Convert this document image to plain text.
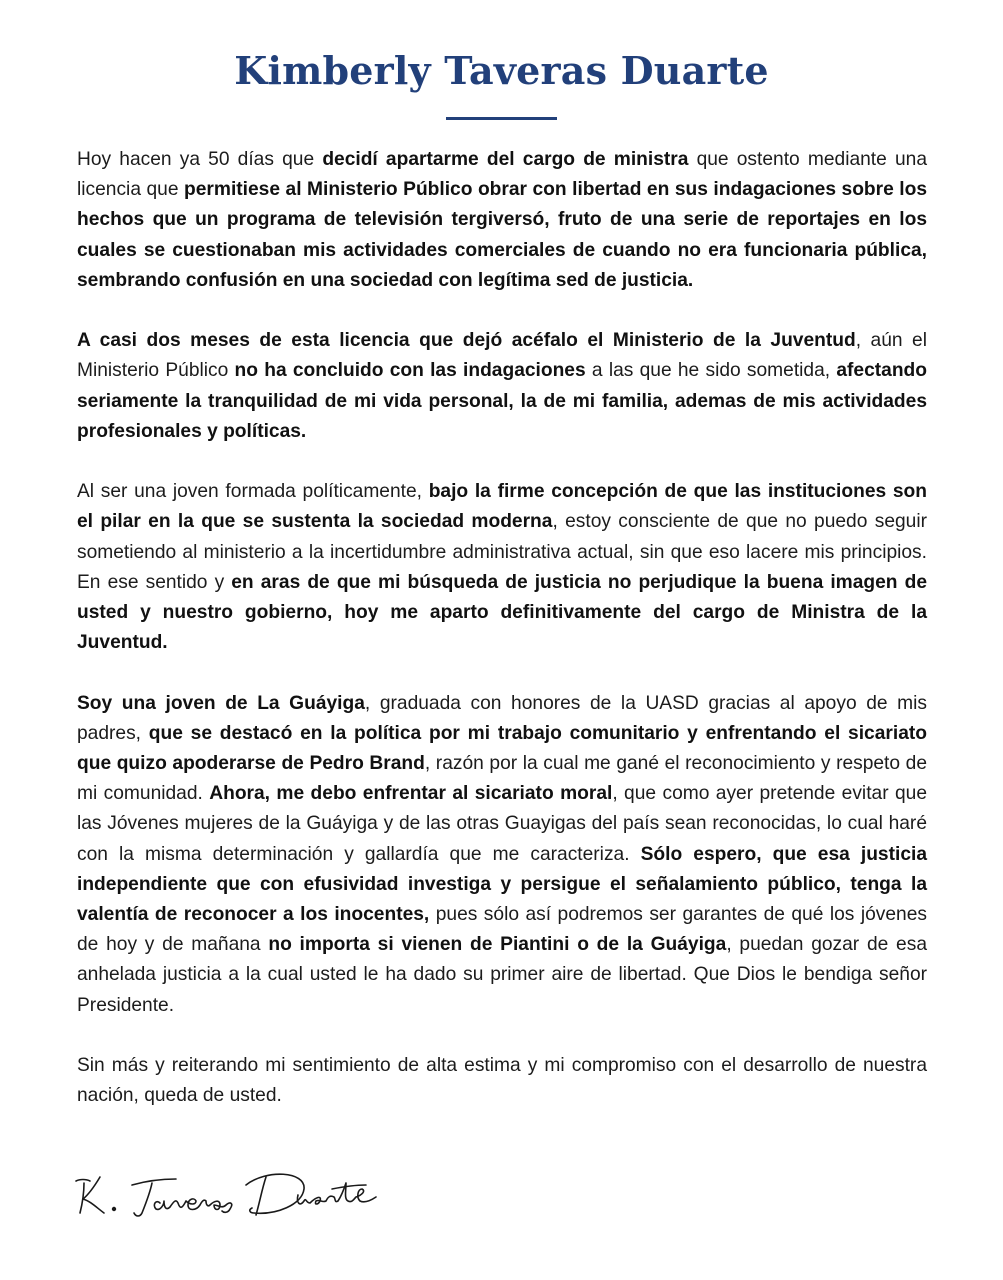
Kimberly Taveras Duarte

Hoy hacen ya 50 días que decidí apartarme del cargo de ministra que ostento mediante una licencia que permitiese al Ministerio Público obrar con libertad en sus indagaciones sobre los hechos que un programa de televisión tergiversó, fruto de una serie de reportajes en los cuales se cuestionaban mis actividades comerciales de cuando no era funcionaria pública, sembrando confusión en una sociedad con legítima sed de justicia.

A casi dos meses de esta licencia que dejó acéfalo el Ministerio de la Juventud, aún el Ministerio Público no ha concluido con las indagaciones a las que he sido sometida, afectando seriamente la tranquilidad de mi vida personal, la de mi familia, ademas de mis actividades profesionales y políticas.

Al ser una joven formada políticamente, bajo la firme concepción de que las instituciones son el pilar en la que se sustenta la sociedad moderna, estoy consciente de que no puedo seguir sometiendo al ministerio a la incertidumbre administrativa actual, sin que eso lacere mis principios. En ese sentido y en aras de que mi búsqueda de justicia no perjudique la buena imagen de usted y nuestro gobierno, hoy me aparto definitivamente del cargo de Ministra de la Juventud.

Soy una joven de La Guáyiga, graduada con honores de la UASD gracias al apoyo de mis padres, que se destacó en la política por mi trabajo comunitario y enfrentando el sicariato que quizo apoderarse de Pedro Brand, razón por la cual me gané el reconocimiento y respeto de mi comunidad. Ahora, me debo enfrentar al sicariato moral, que como ayer pretende evitar que las Jóvenes mujeres de la Guáyiga y de las otras Guayigas del país sean reconocidas, lo cual haré con la misma determinación y gallardía que me caracteriza. Sólo espero, que esa justicia independiente que con efusividad investiga y persigue el señalamiento público, tenga la valentía de reconocer a los inocentes, pues sólo así podremos ser garantes de qué los jóvenes de hoy y de mañana no importa si vienen de Piantini o de la Guáyiga, puedan gozar de esa anhelada justicia a la cual usted le ha dado su primer aire de libertad. Que Dios le bendiga señor Presidente.

Sin más y reiterando mi sentimiento de alta estima y mi compromiso con el desarrollo de nuestra nación, queda de usted.
